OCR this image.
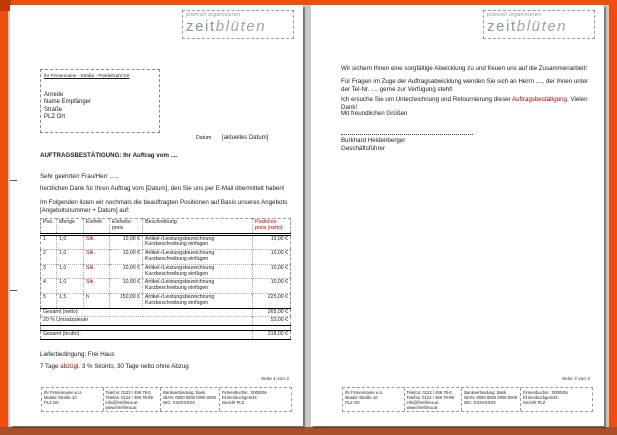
planvoll organisieren
zeitblüten
Ihr Firmenname - Straße - Postleitzahl Ort
Anrede
Name Empfänger
Straße
PLZ Ort
Datum [aktuelles Datum]
AUFTRAGSBESTÄTIGUNG: Ihr Auftrag vom ....
Sehr geehrte/r Frau/Herr ....,
herzlichen Dank für Ihren Auftrag vom [Datum], den Sie uns per E-Mail übermittelt haben!
Im Folgenden listen wir nochmals die beauftragten Positionen auf Basis unseres Angebots
[Angebotsnummer + Datum] auf:
Pos.	Menge	Einheit	Einheits-
preis
	Beschreibung	Positions-
preis (netto)

1	1,0	Stk.	10,00 €	Artikel-/Leistungsbezeichnung
Kurzbeschreibung einfügen	10,00 €
2	1,0	Stk.	10,00 €	Artikel-/Leistungsbezeichnung
Kurzbeschreibung einfügen	10,00 €
3	1,0	Stk.	10,00 €	Artikel-/Leistungsbezeichnung
Kurzbeschreibung einfügen	10,00 €
4	1,0	Stk.	10,00 €	Artikel-/Leistungsbezeichnung
Kurzbeschreibung einfügen	10,00 €
5	1,5	h	150,00 €	Artikel-/Leistungsbezeichnung
Kurzbeschreibung einfügen	225,00 €
Gesamt (netto):					265,00 €
20 % Umsatzsteuer					53,00 €

Gesamt (brutto):					318,00 €
Lieferbedingung: Frei Haus
7 Tage abzügl. 3 % Skonto, 30 Tage netto ohne Abzug
Seite 1 von 2
Ihr Firmenname e.U.
Muster-Straße 10
PLZ Ort
Telefon: 0123 / 456 78-0
Telefax: 0123 / 456 78-99
info@ihrefirma.at
www.ihrefirma.at
Bankverbindung: Bank
IBAN: 0000 0000 0000 0000
BIC: XXXXXXXX
Firmenbuchnr.: 000000x
Firmenbuchgericht:
Gericht PLZ
planvoll organisieren
zeitblüten
Wir sichern Ihnen eine sorgfältige Abwicklung zu und freuen uns auf die Zusammenarbeit!
Für Fragen im Zuge der Auftragsabwicklung wenden Sie sich an Herrn ...., der Ihnen unter der Tel-Nr. .... gerne zur Verfügung steht!
Ich ersuche Sie um Unterzeichnung und Retournierung dieser Auftragsbestätigung. Vielen Dank!
Mit freundlichen Grüßen
Burkhard Heidenberger
Geschäftsführer
Seite 2 von 2
Ihr Firmenname e.U.
Muster-Straße 10
PLZ Ort
Telefon: 0123 / 456 78-0
Telefax: 0123 / 456 78-99
info@ihrefirma.at
www.ihrefirma.at
Bankverbindung: Bank
IBAN: 0000 0000 0000 0000
BIC: XXXXXXXX
Firmenbuchnr.: 000000x
Firmenbuchgericht:
Gericht PLZ
